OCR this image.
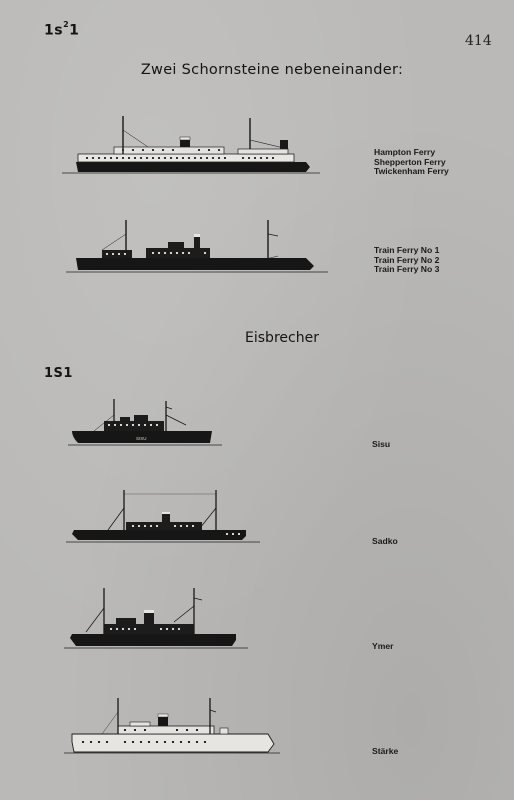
$1s^21$
414
Zwei Schornsteine nebeneinander:
Hampton Ferry
Shepperton Ferry
Twickenham Ferry
Train Ferry No 1
Train Ferry No 2
Train Ferry No 3
Eisbrecher
1S1
SISU
Sisu
Sadko
Ymer
Stärke
